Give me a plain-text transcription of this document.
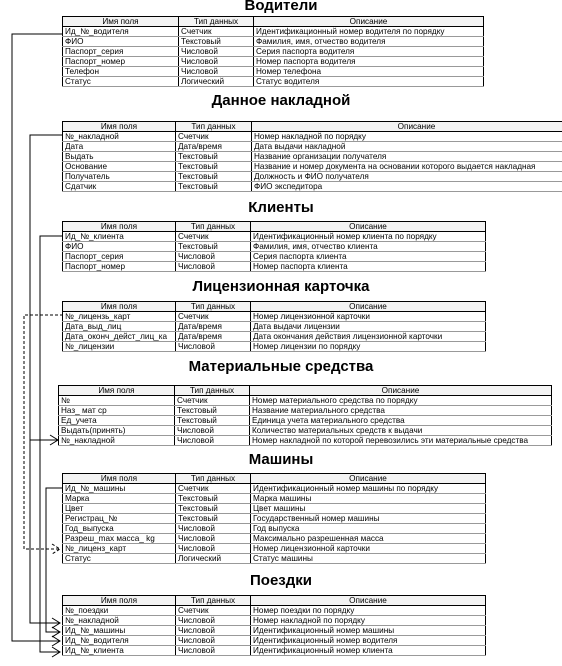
Водители
Имя поля	Тип данных	Описание
Ид_№_водителя	Счетчик	Идентификационный номер водителя по порядку
ФИО	Текстовый	Фамилия, имя, отчество водителя
Паспорт_серия	Числовой	Серия паспорта водителя
Паспорт_номер	Числовой	Номер паспорта водителя
Телефон	Числовой	Номер телефона
Статус	Логический	Статус водителя
Данное накладной
Имя поля	Тип данных	Описание
№_накладной	Счетчик	Номер накладной по порядку
Дата	Дата/время	Дата выдачи накладной
Выдать	Текстовый	Название организации получателя
Основание	Текстовый	Название и номер документа на основании которого выдается накладная
Получатель	Текстовый	Должность и ФИО получателя
Сдатчик	Текстовый	ФИО экспедитора
Клиенты
Имя поля	Тип данных	Описание
Ид_№_клиента	Счетчик	Идентификационный номер клиента по порядку
ФИО	Текстовый	Фамилия, имя, отчество клиента
Паспорт_серия	Числовой	Серия паспорта клиента
Паспорт_номер	Числовой	Номер паспорта клиента
Лицензионная карточка
Имя поля	Тип данных	Описание
№_лицензь_карт	Счетчик	Номер лицензионной карточки
Дата_выд_лиц	Дата/время	Дата выдачи лицензии
Дата_оконч_дейст_лиц_ка	Дата/время	Дата окончания действия лицензионной карточки
№_лицензии	Числовой	Номер лицензии по порядку
Материальные средства
Имя поля	Тип данных	Описание
№	Счетчик	Номер материального средства по порядку
Наз_ мат ср	Текстовый	Название материального средства
Ед_учета	Текстовый	Единица учета материального средства
Выдать(принять)	Числовой	Количество материальных средств к выдачи
№_накладной	Числовой	Номер накладной по которой перевозились эти материальные средства
Машины
Имя поля	Тип данных	Описание
Ид_№_машины	Счетчик	Идентификационный номер машины по порядку
Марка	Текстовый	Марка машины
Цвет	Текстовый	Цвет машины
Регистрац_№	Текстовый	Государственный номер машины
Год_выпуска	Числовой	Год выпуска
Разреш_max масса_ kg	Числовой	Максимально разрешенная масса
№_лиценз_карт	Числовой	Номер лицензионной карточки
Статус	Логический	Статус машины
Поездки
Имя поля	Тип данных	Описание
№_поездки	Счетчик	Номер поездки по порядку
№_накладной	Числовой	Номер накладной по порядку
Ид_№_машины	Числовой	Идентификационный номер машины
Ид_№_водителя	Числовой	Идентификационный номер водителя
Ид_№_клиента	Числовой	Идентификационный номер клиента
